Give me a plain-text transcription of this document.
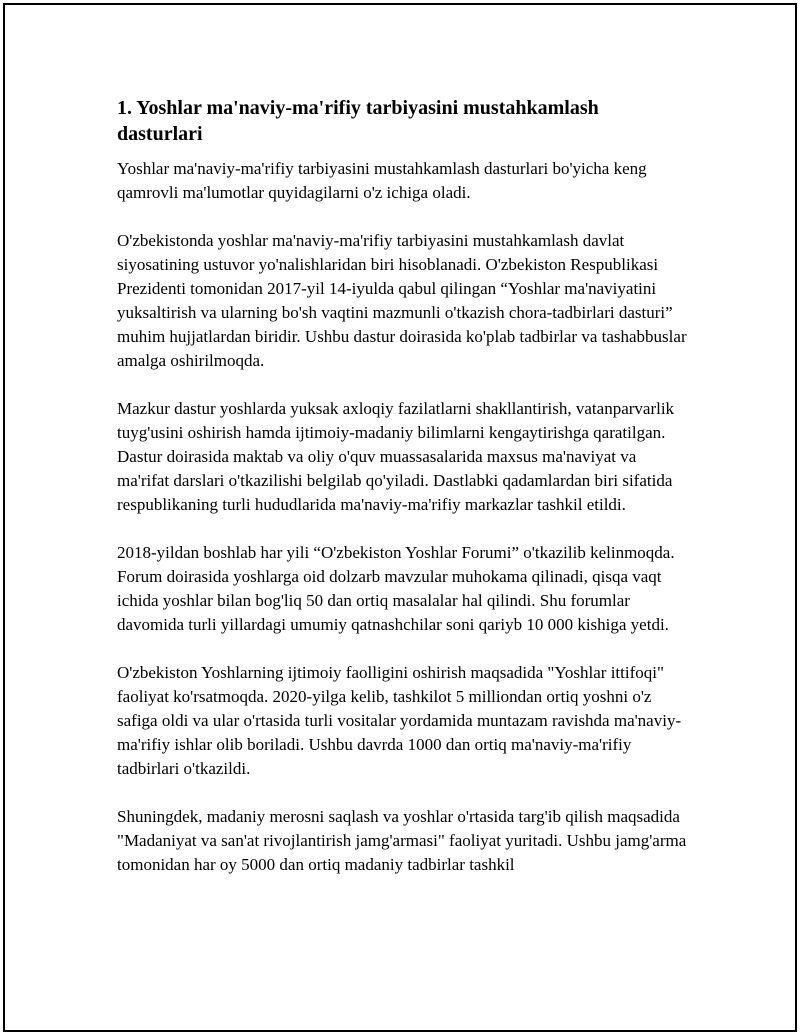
1. Yoshlar ma'naviy-ma'rifiy tarbiyasini mustahkamlash dasturlari

Yoshlar ma'naviy-ma'rifiy tarbiyasini mustahkamlash dasturlari bo'yicha keng qamrovli ma'lumotlar quyidagilarni o'z ichiga oladi.

O'zbekistonda yoshlar ma'naviy-ma'rifiy tarbiyasini mustahkamlash davlat siyosatining ustuvor yo'nalishlaridan biri hisoblanadi. O'zbekiston Respublikasi Prezidenti tomonidan 2017-yil 14-iyulda qabul qilingan “Yoshlar ma'naviyatini yuksaltirish va ularning bo'sh vaqtini mazmunli o'tkazish chora-tadbirlari dasturi” muhim hujjatlardan biridir. Ushbu dastur doirasida ko'plab tadbirlar va tashabbuslar amalga oshirilmoqda.

Mazkur dastur yoshlarda yuksak axloqiy fazilatlarni shakllantirish, vatanparvarlik tuyg'usini oshirish hamda ijtimoiy-madaniy bilimlarni kengaytirishga qaratilgan. Dastur doirasida maktab va oliy o'quv muassasalarida maxsus ma'naviyat va ma'rifat darslari o'tkazilishi belgilab qo'yiladi. Dastlabki qadamlardan biri sifatida respublikaning turli hududlarida ma'naviy-ma'rifiy markazlar tashkil etildi.

2018-yildan boshlab har yili “O'zbekiston Yoshlar Forumi” o'tkazilib kelinmoqda. Forum doirasida yoshlarga oid dolzarb mavzular muhokama qilinadi, qisqa vaqt ichida yoshlar bilan bog'liq 50 dan ortiq masalalar hal qilindi. Shu forumlar davomida turli yillardagi umumiy qatnashchilar soni qariyb 10 000 kishiga yetdi.

O'zbekiston Yoshlarning ijtimoiy faolligini oshirish maqsadida "Yoshlar ittifoqi" faoliyat ko'rsatmoqda. 2020-yilga kelib, tashkilot 5 milliondan ortiq yoshni o'z safiga oldi va ular o'rtasida turli vositalar yordamida muntazam ravishda ma'naviy-ma'rifiy ishlar olib boriladi. Ushbu davrda 1000 dan ortiq ma'naviy-ma'rifiy tadbirlari o'tkazildi.

Shuningdek, madaniy merosni saqlash va yoshlar o'rtasida targ'ib qilish maqsadida "Madaniyat va san'at rivojlantirish jamg'armasi" faoliyat yuritadi. Ushbu jamg'arma tomonidan har oy 5000 dan ortiq madaniy tadbirlar tashkil
